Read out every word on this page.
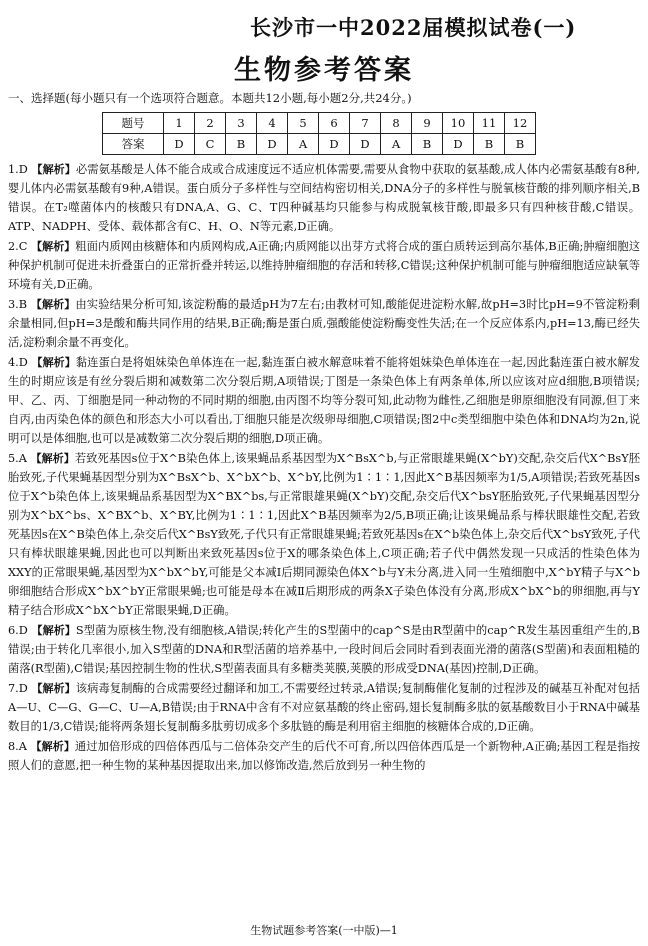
长沙市一中2022届模拟试卷(一)
生物参考答案
一、选择题(每小题只有一个选项符合题意。本题共12小题,每小题2分,共24分。)
题号	1	2	3	4	5	6	7	8	9	10	11	12
答案	D	C	B	D	A	D	D	A	B	D	B	B

1.D 【解析】必需氨基酸是人体不能合成或合成速度远不适应机体需要,需要从食物中获取的氨基酸,成人体内必需氨基酸有8种,婴儿体内必需氨基酸有9种,A错误。蛋白质分子多样性与空间结构密切相关,DNA分子的多样性与脱氧核苷酸的排列顺序相关,B错误。在T₂噬菌体内的核酸只有DNA,A、G、C、T四种碱基均只能参与构成脱氧核苷酸,即最多只有四种核苷酸,C错误。ATP、NADPH、受体、载体都含有C、H、O、N等元素,D正确。

2.C 【解析】粗面内质网由核糖体和内质网构成,A正确;内质网能以出芽方式将合成的蛋白质转运到高尔基体,B正确;肿瘤细胞这种保护机制可促进未折叠蛋白的正常折叠并转运,以维持肿瘤细胞的存活和转移,C错误;这种保护机制可能与肿瘤细胞适应缺氧等环境有关,D正确。

3.B 【解析】由实验结果分析可知,该淀粉酶的最适pH为7左右;由教材可知,酸能促进淀粉水解,故pH=3时比pH=9不管淀粉剩余量相同,但pH=3是酸和酶共同作用的结果,B正确;酶是蛋白质,强酸能使淀粉酶变性失活;在一个反应体系内,pH=13,酶已经失活,淀粉剩余量不再变化。

4.D 【解析】黏连蛋白是将姐妹染色单体连在一起,黏连蛋白被水解意味着不能将姐妹染色单体连在一起,因此黏连蛋白被水解发生的时期应该是有丝分裂后期和减数第二次分裂后期,A项错误;丁图是一条染色体上有两条单体,所以应该对应d细胞,B项错误;甲、乙、丙、丁细胞是同一种动物的不同时期的细胞,由丙图不均等分裂可知,此动物为雌性,乙细胞是卵原细胞没有同源,但丁来自丙,由丙染色体的颜色和形态大小可以看出,丁细胞只能是次级卵母细胞,C项错误;图2中c类型细胞中染色体和DNA均为2n,说明可以是体细胞,也可以是减数第二次分裂后期的细胞,D项正确。

5.A 【解析】若致死基因s位于X^B染色体上,该果蝇品系基因型为X^BsX^b,与正常眼雄果蝇(X^bY)交配,杂交后代X^BsY胚胎致死,子代果蝇基因型分别为X^BsX^b、X^bX^b、X^bY,比例为1∶1∶1,因此X^B基因频率为1/5,A项错误;若致死基因s位于X^b染色体上,该果蝇品系基因型为X^BX^bs,与正常眼雄果蝇(X^bY)交配,杂交后代X^bsY胚胎致死,子代果蝇基因型分别为X^bX^bs、X^BX^b、X^BY,比例为1∶1∶1,因此X^B基因频率为2/5,B项正确;让该果蝇品系与棒状眼雄性交配,若致死基因s在X^B染色体上,杂交后代X^BsY致死,子代只有正常眼雄果蝇;若致死基因s在X^b染色体上,杂交后代X^bsY致死,子代只有棒状眼雄果蝇,因此也可以判断出来致死基因s位于X的哪条染色体上,C项正确;若子代中偶然发现一只成活的性染色体为XXY的正常眼果蝇,基因型为X^bX^bY,可能是父本减Ⅰ后期同源染色体X^b与Y未分离,进入同一生殖细胞中,X^bY精子与X^b卵细胞结合形成X^bX^bY正常眼果蝇;也可能是母本在减Ⅱ后期形成的两条X子染色体没有分离,形成X^bX^b的卵细胞,再与Y精子结合形成X^bX^bY正常眼果蝇,D正确。

6.D 【解析】S型菌为原核生物,没有细胞核,A错误;转化产生的S型菌中的cap^S是由R型菌中的cap^R发生基因重组产生的,B错误;由于转化几率很小,加入S型菌的DNA和R型活菌的培养基中,一段时间后会同时看到表面光滑的菌落(S型菌)和表面粗糙的菌落(R型菌),C错误;基因控制生物的性状,S型菌表面具有多糖类荚膜,荚膜的形成受DNA(基因)控制,D正确。

7.D 【解析】该病毒复制酶的合成需要经过翻译和加工,不需要经过转录,A错误;复制酶催化复制的过程涉及的碱基互补配对包括A—U、C—G、G—C、U—A,B错误;由于RNA中含有不对应氨基酸的终止密码,翅长复制酶多肽的氨基酸数目小于RNA中碱基数目的1/3,C错误;能将两条翅长复制酶多肽剪切成多个多肽链的酶是利用宿主细胞的核糖体合成的,D正确。

8.A 【解析】通过加倍形成的四倍体西瓜与二倍体杂交产生的后代不可育,所以四倍体西瓜是一个新物种,A正确;基因工程是指按照人们的意愿,把一种生物的某种基因提取出来,加以修饰改造,然后放到另一种生物的

生物试题参考答案(一中版)—1
